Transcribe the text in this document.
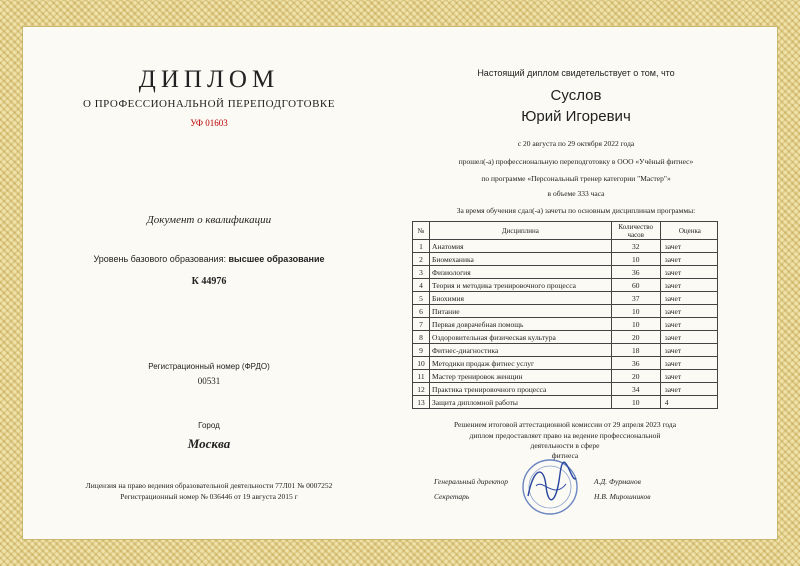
ДИПЛОМ
О ПРОФЕССИОНАЛЬНОЙ ПЕРЕПОДГОТОВКЕ
УФ 01603
Документ о квалификации
Уровень базового образования: высшее образование
К 44976
Регистрационный номер (ФРДО)
00531
Город
Москва
Лицензия на право ведения образовательной деятельности 77Л01 № 0007252
Регистрационный номер № 036446 от 19 августа 2015 г
Настоящий диплом свидетельствует о том, что
Суслов
Юрий Игоревич
с 20 августа по 29 октября 2022 года
прошел(-а) профессиональную переподготовку в ООО «Учёный фитнес»
по программе «Персональный тренер категории "Мастер"»
в объеме 333 часа
За время обучения сдал(-а) зачеты по основным дисциплинам программы:
№	Дисциплина	Количество часов	Оценка
1	Анатомия	32	зачет
2	Биомеханика	10	зачет
3	Физиология	36	зачет
4	Теория и методика тренировочного процесса	60	зачет
5	Биохимия	37	зачет
6	Питание	10	зачет
7	Первая доврачебная помощь	10	зачет
8	Оздоровительная физическая культура	20	зачет
9	Фитнес-диагностика	18	зачет
10	Методики продаж фитнес услуг	36	зачет
11	Мастер тренировок женщин	20	зачет
12	Практика тренировочного процесса	34	зачет
13	Защита дипломной работы	10	4
Решением итоговой аттестационной комиссии от 29 апреля 2023 года
диплом предоставляет право на ведение профессиональной
деятельности в сфере
фитнеса
Генеральный директор	А.Д. Фурманов
Секретарь	Н.В. Мирошников
